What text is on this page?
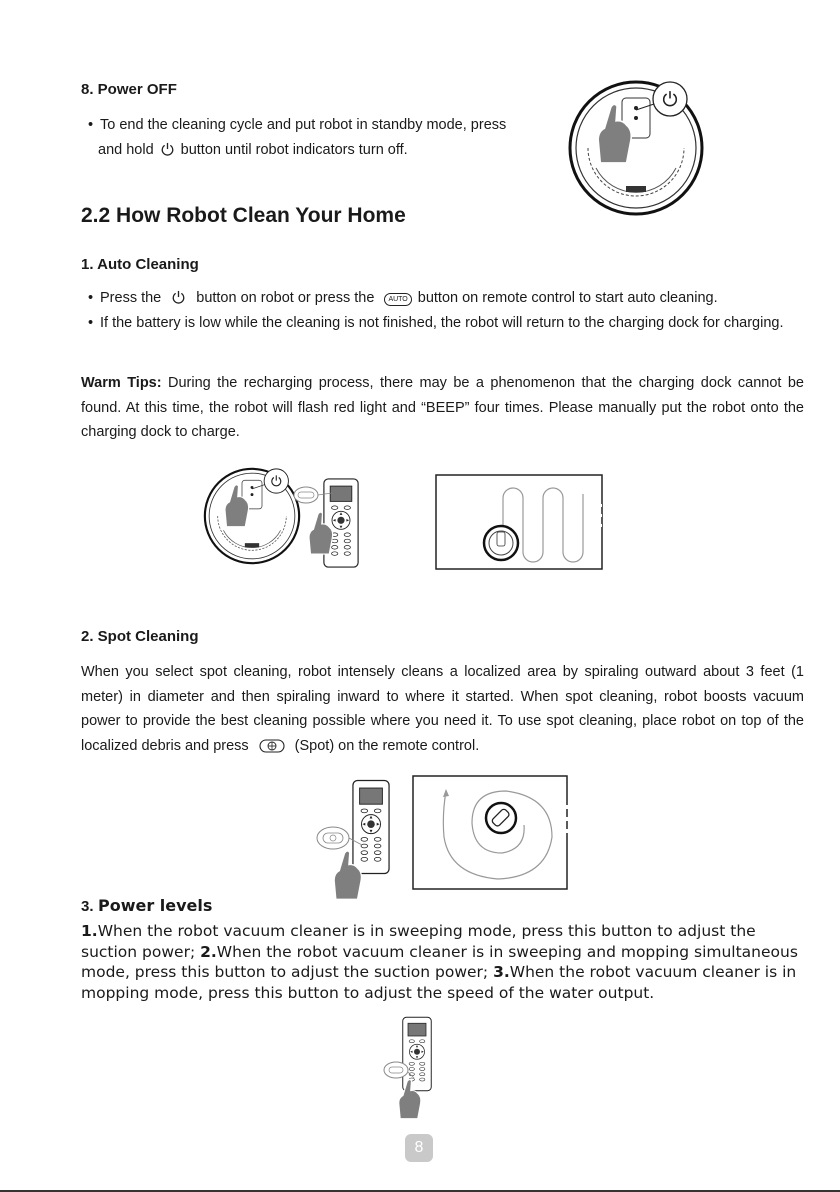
8. Power OFF
• To end the cleaning cycle and put robot in standby mode, press
and hold button until robot indicators turn off.
2.2 How Robot Clean Your Home
1. Auto Cleaning
• Press the button on robot or press the AUTO button on remote control to start auto cleaning.
• If the battery is low while the cleaning is not finished, the robot will return to the charging dock for charging.
Warm Tips: During the recharging process, there may be a phenomenon that the charging dock cannot be found. At this time, the robot will flash red light and “BEEP” four times. Please manually put the robot onto the charging dock to charge.
2. Spot Cleaning
When you select spot cleaning, robot intensely cleans a localized area by spiraling outward about 3 feet (1 meter) in diameter and then spiraling inward to where it started. When spot cleaning, robot boosts vacuum power to provide the best cleaning possible where you need it. To use spot cleaning, place robot on top of the localized debris and press	(Spot) on the remote control.
3. Power levels
1.When the robot vacuum cleaner is in sweeping mode, press this button to adjust the suction power; 2.When the robot vacuum cleaner is in sweeping and mopping simultaneous mode, press this button to adjust the suction power; 3.When the robot vacuum cleaner is in mopping mode, press this button to adjust the speed of the water output.
8
